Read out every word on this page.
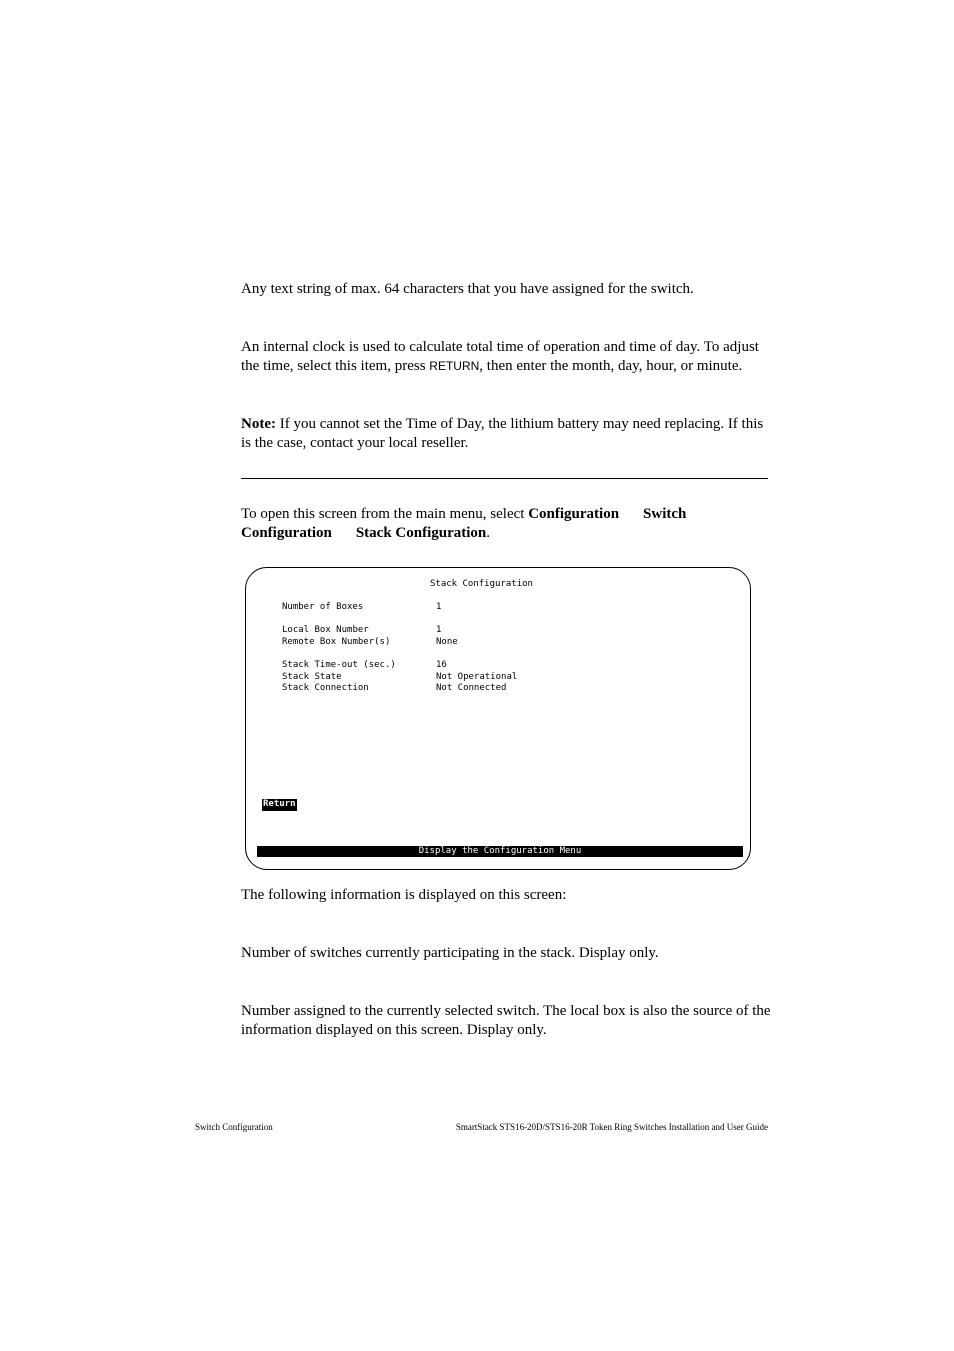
Any text string of max. 64 characters that you have assigned for the switch.

An internal clock is used to calculate total time of operation and time of day. To adjust the time, select this item, press RETURN, then enter the month, day, hour, or minute.

Note: If you cannot set the Time of Day, the lithium battery may need replacing. If this is the case, contact your local reseller.

To open this screen from the main menu, select Configuration Switch Configuration Stack Configuration.

Stack Configuration
Number of Boxes	1
Local Box Number	1
Remote Box Number(s)	None
Stack Time-out (sec.)	16
Stack State	Not Operational
Stack Connection	Not Connected
Return
Display the Configuration Menu

The following information is displayed on this screen:

Number of switches currently participating in the stack. Display only.

Number assigned to the currently selected switch. The local box is also the source of the information displayed on this screen. Display only.

Switch Configuration	SmartStack STS16-20D/STS16-20R Token Ring Switches Installation and User Guide
